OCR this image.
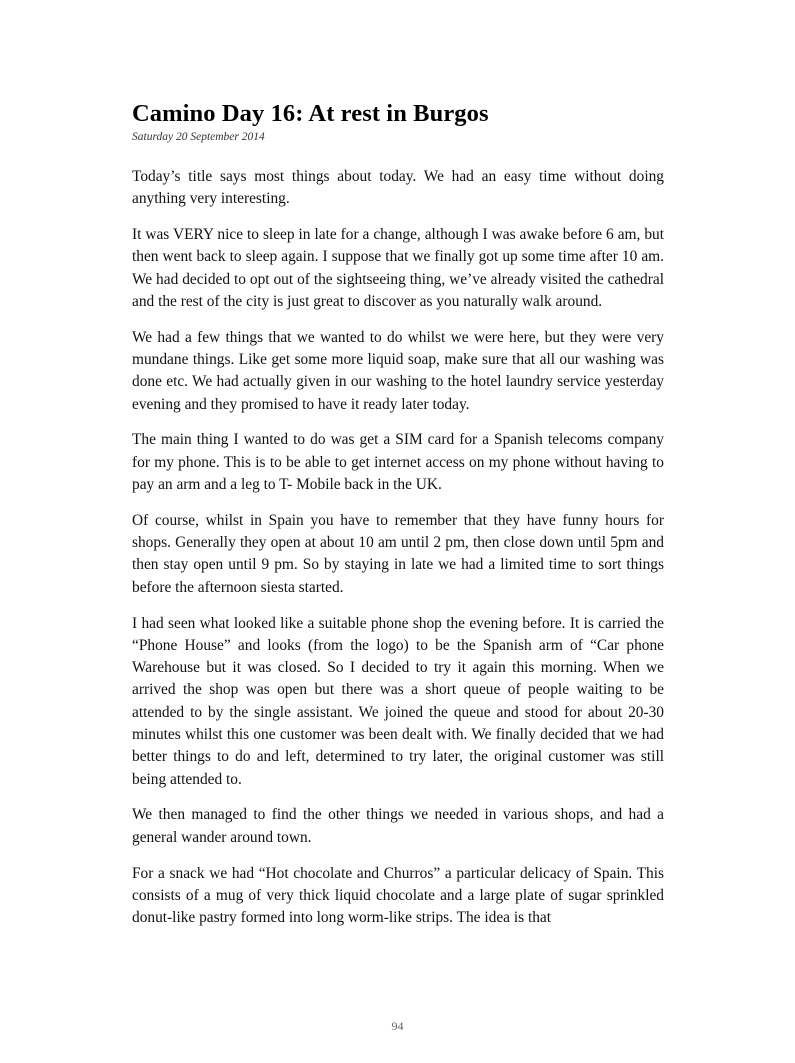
Camino Day 16: At rest in Burgos

Saturday 20 September 2014

Today’s title says most things about today. We had an easy time without doing anything very interesting.

It was VERY nice to sleep in late for a change, although I was awake before 6 am, but then went back to sleep again. I suppose that we finally got up some time after 10 am. We had decided to opt out of the sightseeing thing, we’ve already visited the cathedral and the rest of the city is just great to discover as you naturally walk around.

We had a few things that we wanted to do whilst we were here, but they were very mundane things. Like get some more liquid soap, make sure that all our washing was done etc. We had actually given in our washing to the hotel laundry service yesterday evening and they promised to have it ready later today.

The main thing I wanted to do was get a SIM card for a Spanish telecoms company for my phone. This is to be able to get internet access on my phone without having to pay an arm and a leg to T- Mobile back in the UK.

Of course, whilst in Spain you have to remember that they have funny hours for shops. Generally they open at about 10 am until 2 pm, then close down until 5pm and then stay open until 9 pm. So by staying in late we had a limited time to sort things before the afternoon siesta started.

I had seen what looked like a suitable phone shop the evening before. It is carried the “Phone House” and looks (from the logo) to be the Spanish arm of “Car phone Warehouse but it was closed. So I decided to try it again this morning. When we arrived the shop was open but there was a short queue of people waiting to be attended to by the single assistant. We joined the queue and stood for about 20-30 minutes whilst this one customer was been dealt with. We finally decided that we had better things to do and left, determined to try later, the original customer was still being attended to.

We then managed to find the other things we needed in various shops, and had a general wander around town.

For a snack we had “Hot chocolate and Churros” a particular delicacy of Spain. This consists of a mug of very thick liquid chocolate and a large plate of sugar sprinkled donut-like pastry formed into long worm-like strips. The idea is that

94
